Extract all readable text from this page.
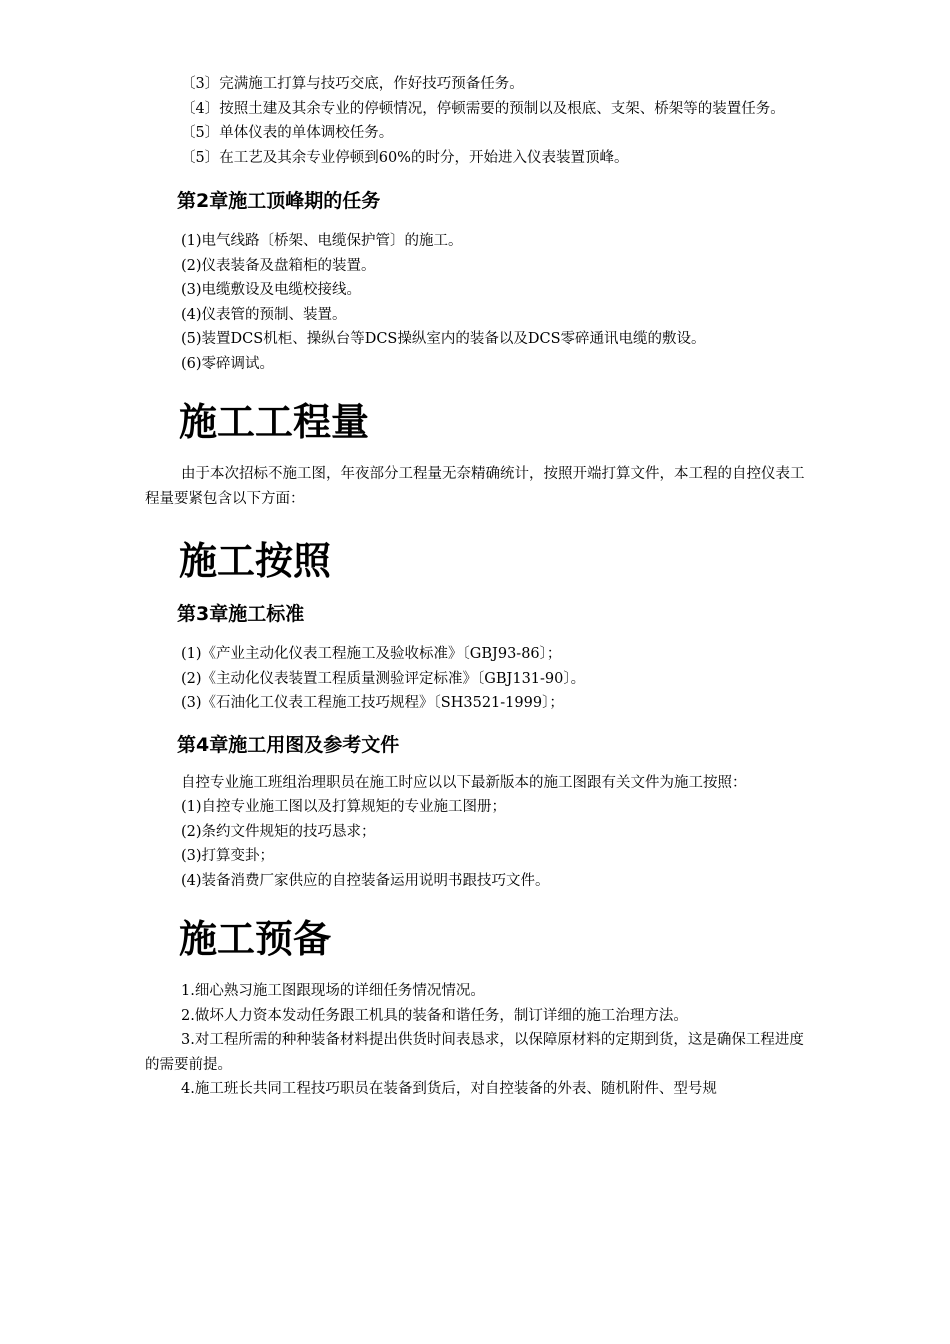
〔3〕完满施工打算与技巧交底，作好技巧预备任务。

〔4〕按照土建及其余专业的停顿情况，停顿需要的预制以及根底、支架、桥架等的装置任务。

〔5〕单体仪表的单体调校任务。

〔5〕在工艺及其余专业停顿到60%的时分，开始进入仪表装置顶峰。

第2章施工顶峰期的任务

(1)电气线路〔桥架、电缆保护管〕的施工。

(2)仪表装备及盘箱柜的装置。

(3)电缆敷设及电缆校接线。

(4)仪表管的预制、装置。

(5)装置DCS机柜、操纵台等DCS操纵室内的装备以及DCS零碎通讯电缆的敷设。

(6)零碎调试。

施工工程量

由于本次招标不施工图，年夜部分工程量无奈精确统计，按照开端打算文件，本工程的自控仪表工程量要紧包含以下方面：

施工按照
第3章施工标准

(1)《产业主动化仪表工程施工及验收标准》〔GBJ93-86〕；

(2)《主动化仪表装置工程质量测验评定标准》〔GBJ131-90〕。

(3)《石油化工仪表工程施工技巧规程》〔SH3521-1999〕；

第4章施工用图及参考文件

自控专业施工班组治理职员在施工时应以以下最新版本的施工图跟有关文件为施工按照：

(1)自控专业施工图以及打算规矩的专业施工图册；

(2)条约文件规矩的技巧恳求；

(3)打算变卦；

(4)装备消费厂家供应的自控装备运用说明书跟技巧文件。

施工预备

1.细心熟习施工图跟现场的详细任务情况情况。

2.做坏人力资本发动任务跟工机具的装备和谐任务，制订详细的施工治理方法。

3.对工程所需的种种装备材料提出供货时间表恳求，以保障原材料的定期到货，这是确保工程进度的需要前提。

4.施工班长共同工程技巧职员在装备到货后，对自控装备的外表、随机附件、型号规
